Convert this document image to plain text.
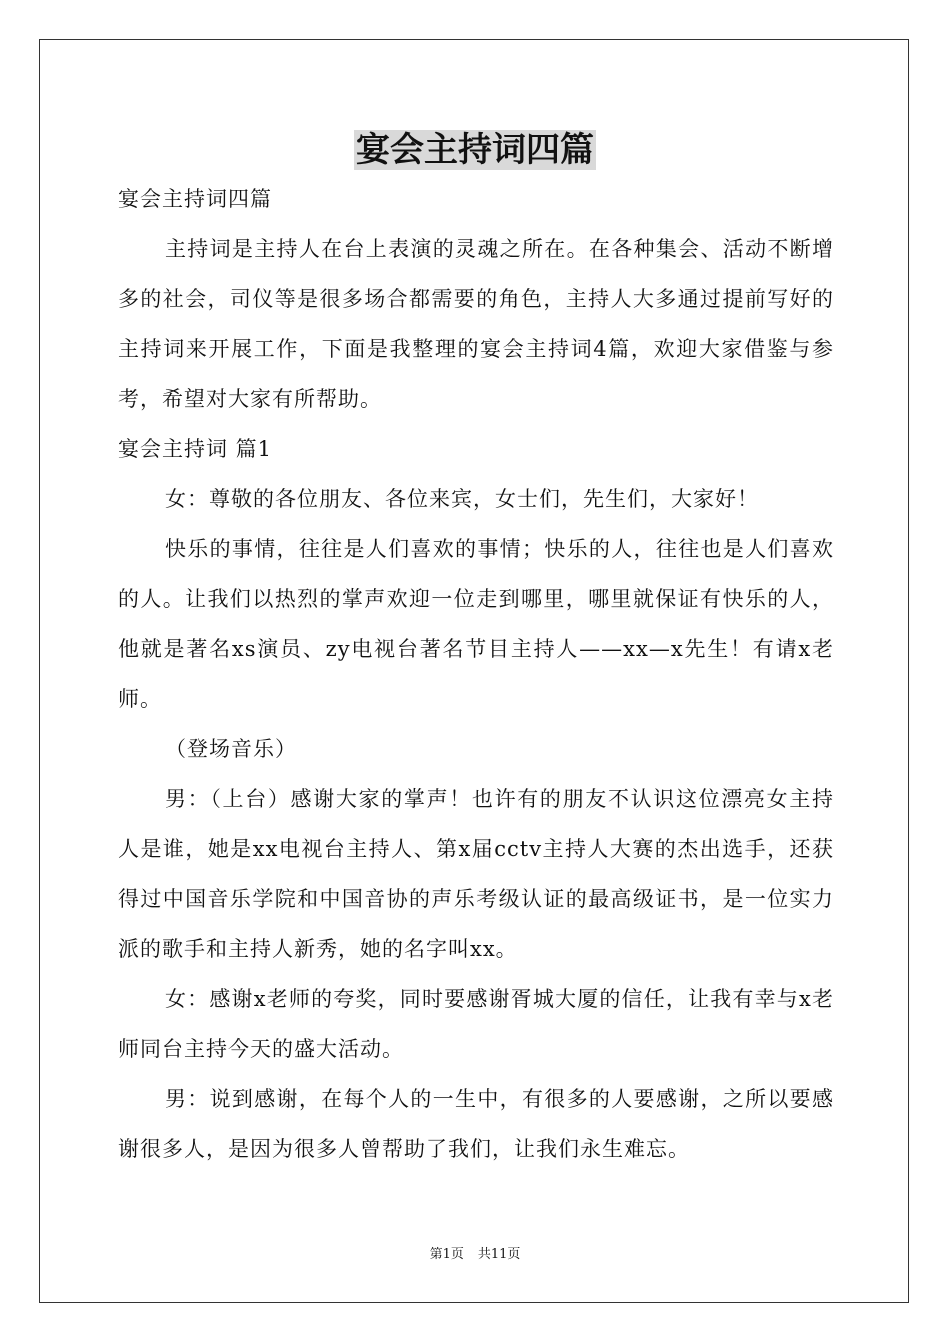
宴会主持词四篇

宴会主持词四篇

主持词是主持人在台上表演的灵魂之所在。在各种集会、活动不断增多的社会，司仪等是很多场合都需要的角色，主持人大多通过提前写好的主持词来开展工作，下面是我整理的宴会主持词4篇，欢迎大家借鉴与参考，希望对大家有所帮助。

宴会主持词 篇1

女：尊敬的各位朋友、各位来宾，女士们，先生们，大家好！

快乐的事情，往往是人们喜欢的事情；快乐的人，往往也是人们喜欢的人。让我们以热烈的掌声欢迎一位走到哪里，哪里就保证有快乐的人，他就是著名xs演员、zy电视台著名节目主持人——xx—x先生！有请x老师。

（登场音乐）

男：（上台）感谢大家的掌声！也许有的朋友不认识这位漂亮女主持人是谁，她是xx电视台主持人、第x届cctv主持人大赛的杰出选手，还获得过中国音乐学院和中国音协的声乐考级认证的最高级证书，是一位实力派的歌手和主持人新秀，她的名字叫xx。

女：感谢x老师的夸奖，同时要感谢胥城大厦的信任，让我有幸与x老师同台主持今天的盛大活动。

男：说到感谢，在每个人的一生中，有很多的人要感谢，之所以要感谢很多人，是因为很多人曾帮助了我们，让我们永生难忘。

第1页 共11页
